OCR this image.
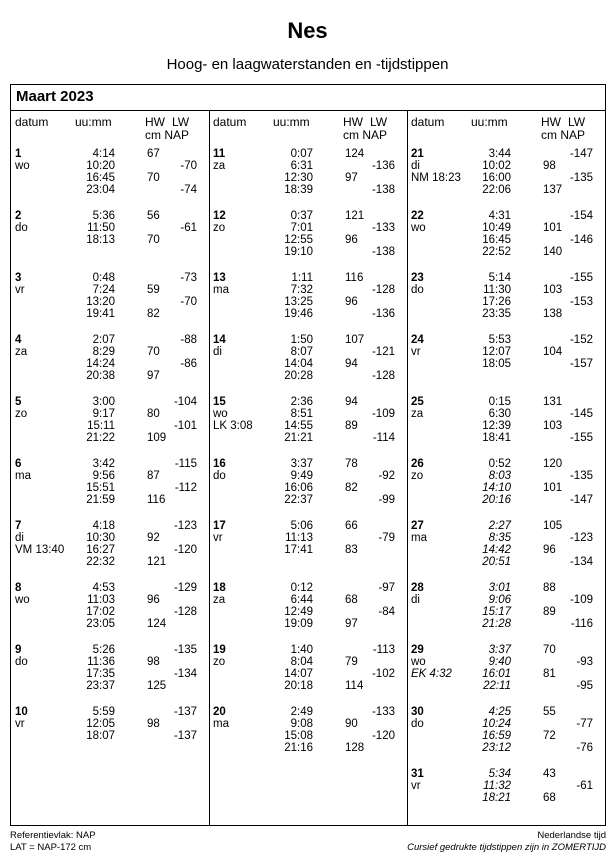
Nes
Hoog- en laagwaterstanden en -tijdstippen
Maart 2023
datum uu:mm	HW LW
cm NAP
1
wo
4:14	67
10:20	-70
16:45	70
23:04	-74
2
do
5:36	56
11:50	-61
18:13	70
3
vr
0:48	-73
7:24	59
13:20	-70
19:41	82
4
za
2:07	-88
8:29	70
14:24	-86
20:38	97
5
zo
3:00	-104
9:17	80
15:11	-101
21:22	109
6
ma
3:42	-115
9:56	87
15:51	-112
21:59	116
7
di
VM 13:40
4:18	-123
10:30	92
16:27	-120
22:32	121
8
wo
4:53	-129
11:03	96
17:02	-128
23:05	124
9
do
5:26	-135
11:36	98
17:35	-134
23:37	125
10
vr
5:59	-137
12:05	98
18:07	-137
datum uu:mm	HW LW
cm NAP
11
za
0:07	124
6:31	-136
12:30	97
18:39	-138
12
zo
0:37	121
7:01	-133
12:55	96
19:10	-138
13
ma
1:11	116
7:32	-128
13:25	96
19:46	-136
14
di
1:50	107
8:07	-121
14:04	94
20:28	-128
15
wo
LK 3:08
2:36	94
8:51	-109
14:55	89
21:21	-114
16
do
3:37	78
9:49	-92
16:06	82
22:37	-99
17
vr
5:06	66
11:13	-79
17:41	83
18
za
0:12	-97
6:44	68
12:49	-84
19:09	97
19
zo
1:40	-113
8:04	79
14:07	-102
20:18	114
20
ma
2:49	-133
9:08	90
15:08	-120
21:16	128
datum uu:mm	HW LW
cm NAP
21
di
NM 18:23
3:44	-147
10:02	98
16:00	-135
22:06	137
22
wo
4:31	-154
10:49	101
16:45	-146
22:52	140
23
do
5:14	-155
11:30	103
17:26	-153
23:35	138
24
vr
5:53	-152
12:07	104
18:05	-157
25
za
0:15	131
6:30	-145
12:39	103
18:41	-155
26
zo
0:52	120
8:03	-135
14:10	101
20:16	-147
27
ma
2:27	105
8:35	-123
14:42	96
20:51	-134
28
di
3:01	88
9:06	-109
15:17	89
21:28	-116
29
wo
EK 4:32
3:37	70
9:40	-93
16:01	81
22:11	-95
30
do
4:25	55
10:24	-77
16:59	72
23:12	-76
31
vr
5:34	43
11:32	-61
18:21	68
Referentievlak: NAP
LAT = NAP-172 cm
Nederlandse tijd
Cursief gedrukte tijdstippen zijn in ZOMERTIJD
